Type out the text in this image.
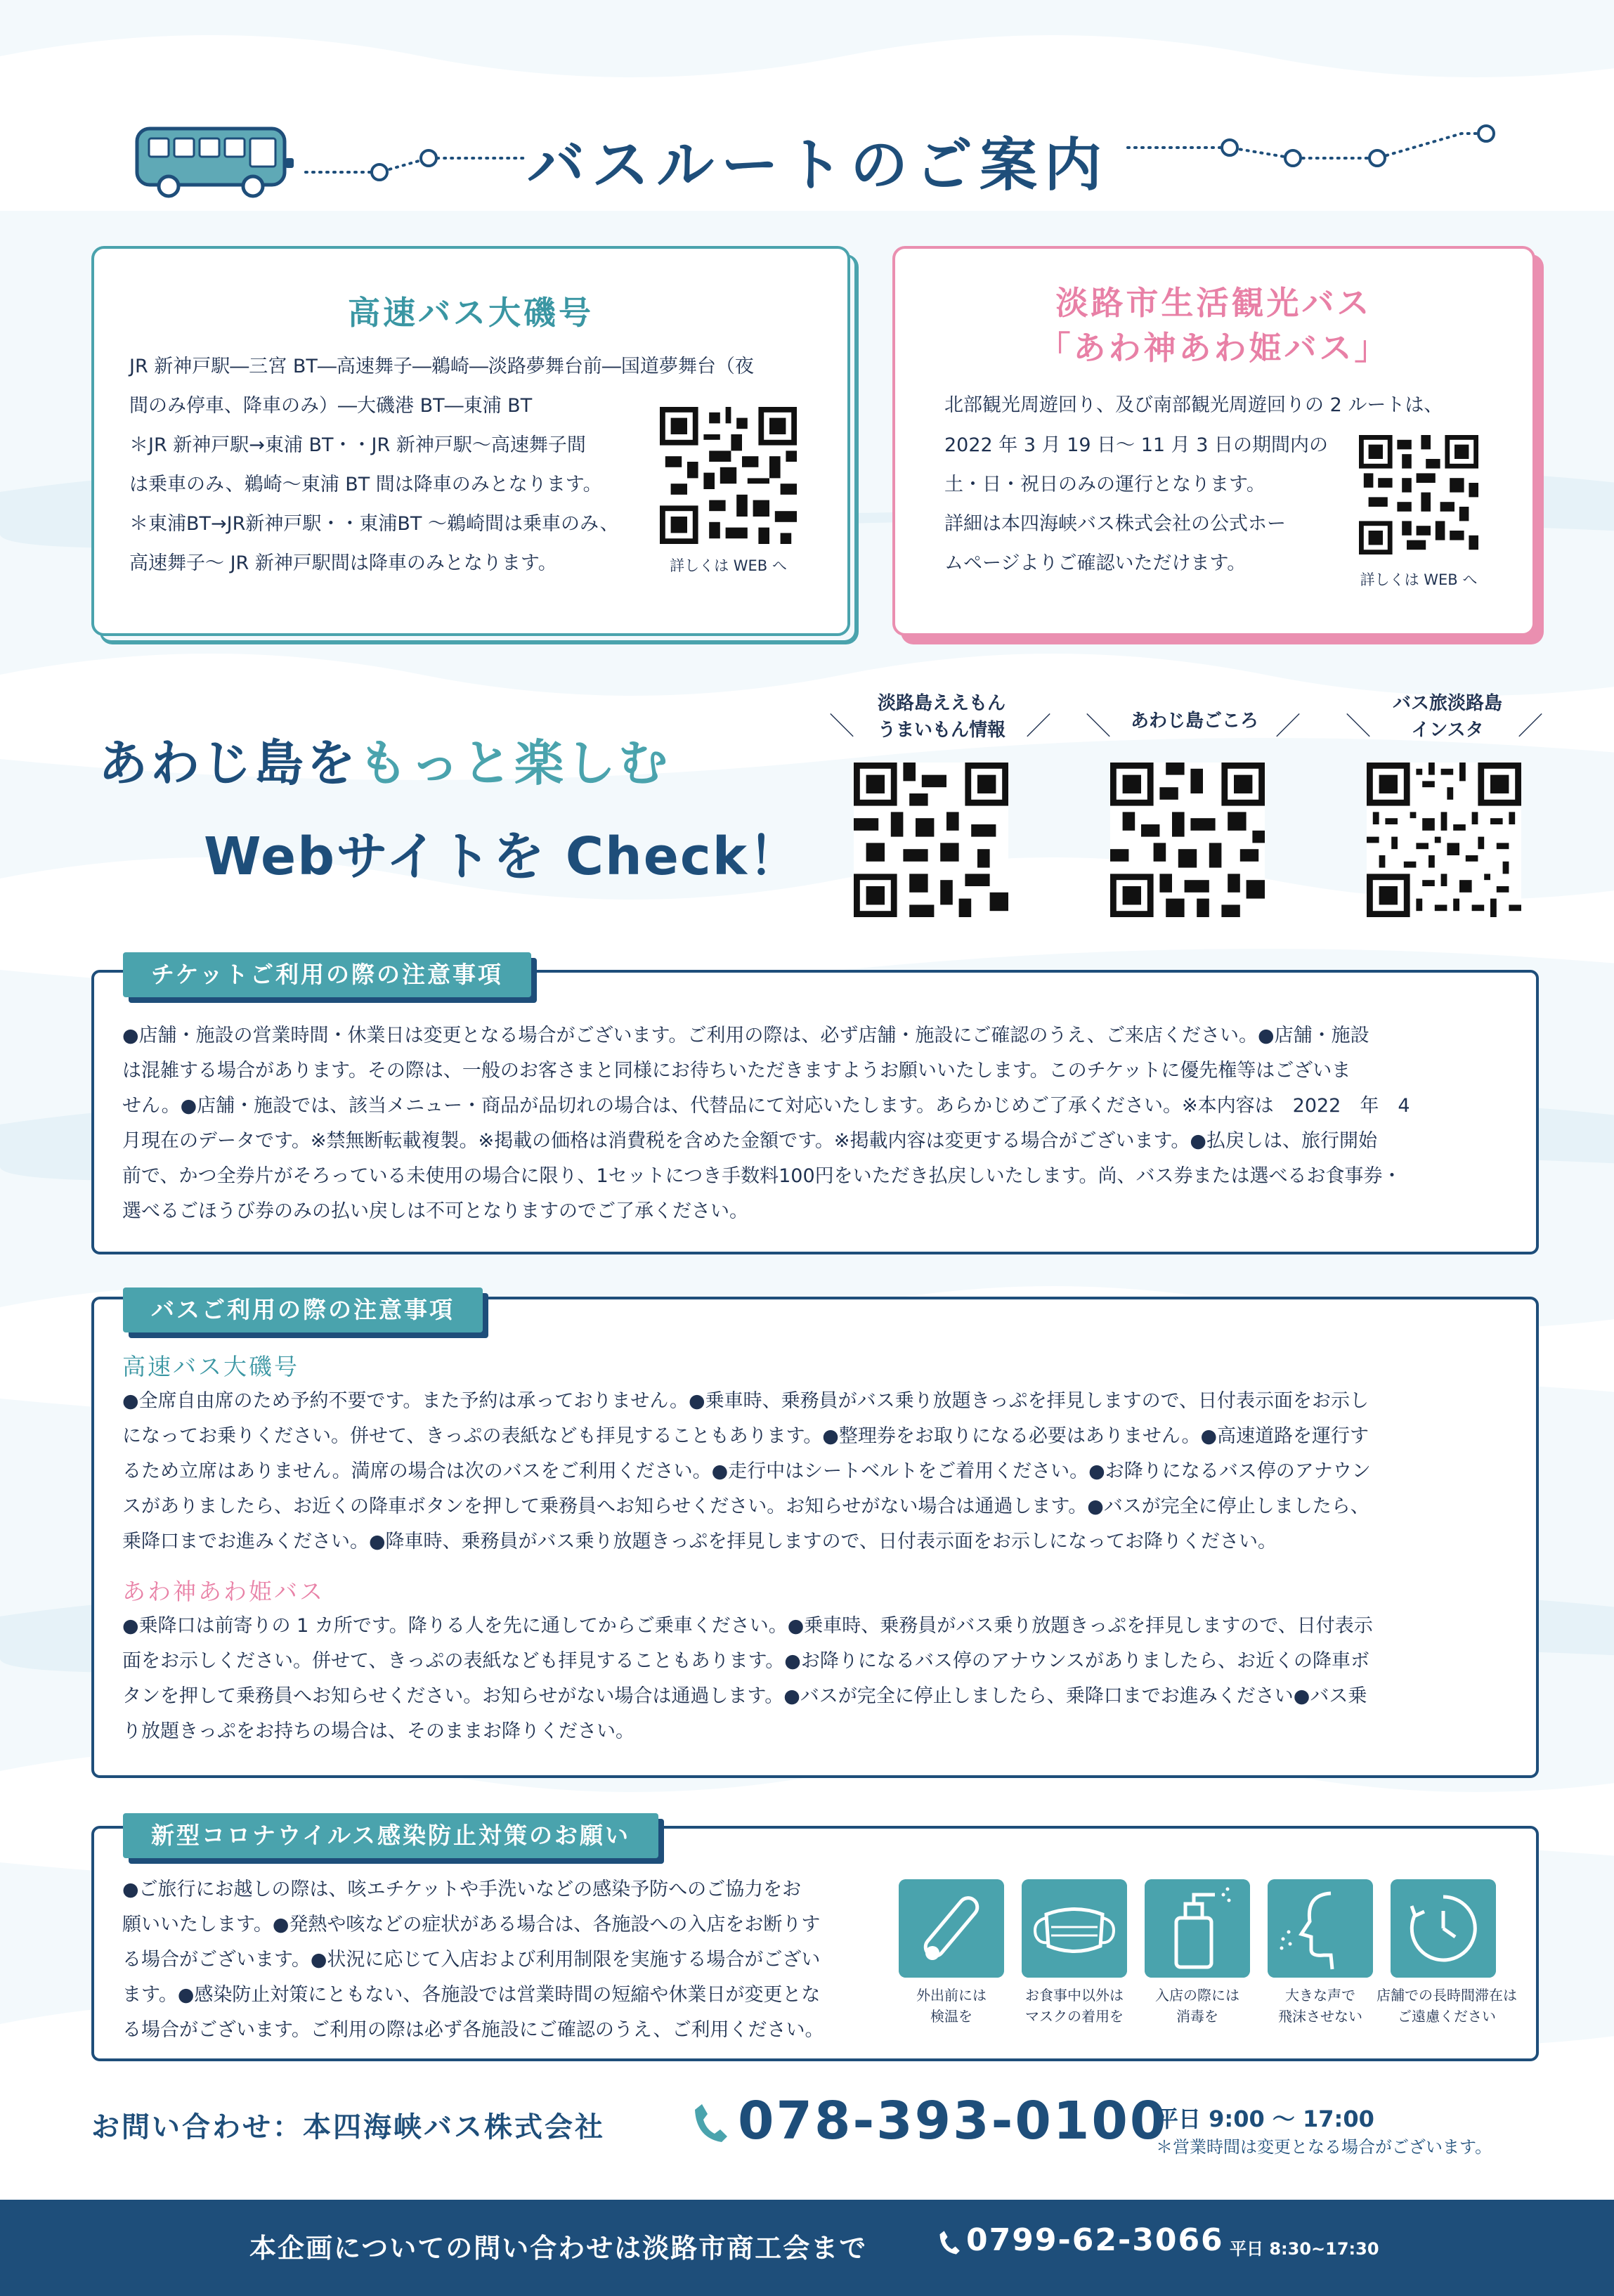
バスルートのご案内
高速バス大磯号
JR 新神戸駅―三宮 BT―高速舞子―鵜崎―淡路夢舞台前―国道夢舞台（夜
間のみ停車、降車のみ）―大磯港 BT―東浦 BT
＊JR 新神戸駅→東浦 BT・・JR 新神戸駅～高速舞子間
は乗車のみ、鵜崎～東浦 BT 間は降車のみとなります。
＊東浦BT→JR新神戸駅・・東浦BT ～鵜崎間は乗車のみ、
高速舞子～ JR 新神戸駅間は降車のみとなります。	詳しくは WEB へ
淡路市生活観光バス
「あわ神あわ姫バス」
北部観光周遊回り、及び南部観光周遊回りの 2 ルートは、
2022 年 3 月 19 日～ 11 月 3 日の期間内の
土・日・祝日のみの運行となります。
詳細は本四海峡バス株式会社の公式ホー
ムページよりご確認いただけます。
詳しくは WEB へ
あわじ島をもっと楽しむ
Webサイトを Check！
＼
淡路島ええもん
うまいもん情報 ／ ＼	あわじ島ごころ ／ ＼
バス旅淡路島
インスタ	／
●店舗・施設の営業時間・休業日は変更となる場合がございます。ご利用の際は、必ず店舗・施設にご確認のうえ、ご来店ください。●店舗・施設
は混雑する場合があります。その際は、一般のお客さまと同様にお待ちいただきますようお願いいたします。このチケットに優先権等はございま
せん。●店舗・施設では、該当メニュー・商品が品切れの場合は、代替品にて対応いたします。あらかじめご了承ください。※本内容は　2022　年　4
月現在のデータです。※禁無断転載複製。※掲載の価格は消費税を含めた金額です。※掲載内容は変更する場合がございます。●払戻しは、旅行開始
前で、かつ全券片がそろっている未使用の場合に限り、1セットにつき手数料100円をいただき払戻しいたします。尚、バス券または選べるお食事券・
選べるごほうび券のみの払い戻しは不可となりますのでご了承ください。
チケットご利用の際の注意事項
高速バス大磯号
●全席自由席のため予約不要です。また予約は承っておりません。●乗車時、乗務員がバス乗り放題きっぷを拝見しますので、日付表示面をお示し
になってお乗りください。併せて、きっぷの表紙なども拝見することもあります。●整理券をお取りになる必要はありません。●高速道路を運行す
るため立席はありません。満席の場合は次のバスをご利用ください。●走行中はシートベルトをご着用ください。●お降りになるバス停のアナウン
スがありましたら、お近くの降車ボタンを押して乗務員へお知らせください。お知らせがない場合は通過します。●バスが完全に停止しましたら、
乗降口までお進みください。●降車時、乗務員がバス乗り放題きっぷを拝見しますので、日付表示面をお示しになってお降りください。
あわ神あわ姫バス
●乗降口は前寄りの 1 カ所です。降りる人を先に通してからご乗車ください。●乗車時、乗務員がバス乗り放題きっぷを拝見しますので、日付表示
面をお示しください。併せて、きっぷの表紙なども拝見することもあります。●お降りになるバス停のアナウンスがありましたら、お近くの降車ボ
タンを押して乗務員へお知らせください。お知らせがない場合は通過します。●バスが完全に停止しましたら、乗降口までお進みください●バス乗
り放題きっぷをお持ちの場合は、そのままお降りください。
バスご利用の際の注意事項
●ご旅行にお越しの際は、咳エチケットや手洗いなどの感染予防へのご協力をお
願いいたします。●発熱や咳などの症状がある場合は、各施設への入店をお断りす
る場合がございます。●状況に応じて入店および利用制限を実施する場合がござい
ます。●感染防止対策にともない、各施設では営業時間の短縮や休業日が変更とな
る場合がございます。ご利用の際は必ず各施設にご確認のうえ、ご利用ください。
外出前には
検温を
お食事中以外は
マスクの着用を
入店の際には
消毒を
大きな声で
飛沫させない
店舗での長時間滞在は
ご遠慮ください
新型コロナウイルス感染防止対策のお願い
お問い合わせ：本四海峡バス株式会社	078-393-0100
平日 9:00 ～ 17:00
＊営業時間は変更となる場合がございます。
本企画についての問い合わせは淡路市商工会まで	0799-62-3066 平日 8:30~17:30
